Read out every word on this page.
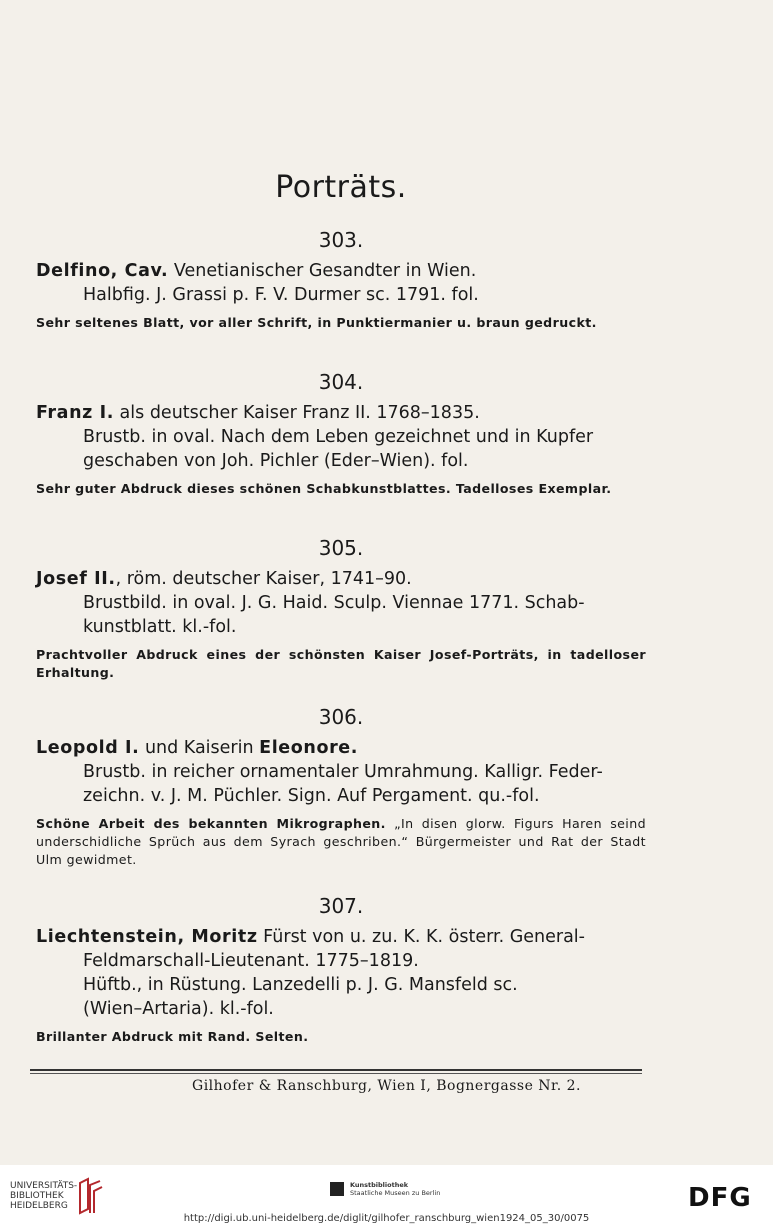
Porträts.
303.
Delfino, Cav. Venetianischer Gesandter in Wien.
Halbfig. J. Grassi p. F. V. Durmer sc. 1791. fol.
Sehr seltenes Blatt, vor aller Schrift, in Punktiermanier u. braun gedruckt.
304.
Franz I. als deutscher Kaiser Franz II. 1768–1835.
Brustb. in oval. Nach dem Leben gezeichnet und in Kupfer
geschaben von Joh. Pichler (Eder–Wien). fol.
Sehr guter Abdruck dieses schönen Schabkunstblattes. Tadelloses Exemplar.
305.
Josef II., röm. deutscher Kaiser, 1741–90.
Brustbild. in oval. J. G. Haid. Sculp. Viennae 1771. Schab-
kunstblatt. kl.-fol.
Prachtvoller Abdruck eines der schönsten Kaiser Josef-Porträts, in tadelloser Erhaltung.
306.
Leopold I. und Kaiserin Eleonore.
Brustb. in reicher ornamentaler Umrahmung. Kalligr. Feder-
zeichn. v. J. M. Püchler. Sign. Auf Pergament. qu.-fol.
Schöne Arbeit des bekannten Mikrographen. „In disen glorw. Figurs Haren seind underschidliche Sprüch aus dem Syrach geschriben.“ Bürgermeister und Rat der Stadt Ulm gewidmet.
307.
Liechtenstein, Moritz Fürst von u. zu. K. K. österr. General-
Feldmarschall-Lieutenant. 1775–1819.
Hüftb., in Rüstung. Lanzedelli p. J. G. Mansfeld sc.
(Wien–Artaria). kl.-fol.
Brillanter Abdruck mit Rand. Selten.
Gilhofer & Ranschburg, Wien I, Bognergasse Nr. 2.
UNIVERSITÄTS-
BIBLIOTHEK
HEIDELBERG
Kunstbibliothek
Staatliche Museen zu Berlin	DFG
http://digi.ub.uni-heidelberg.de/diglit/gilhofer_ranschburg_wien1924_05_30/0075
